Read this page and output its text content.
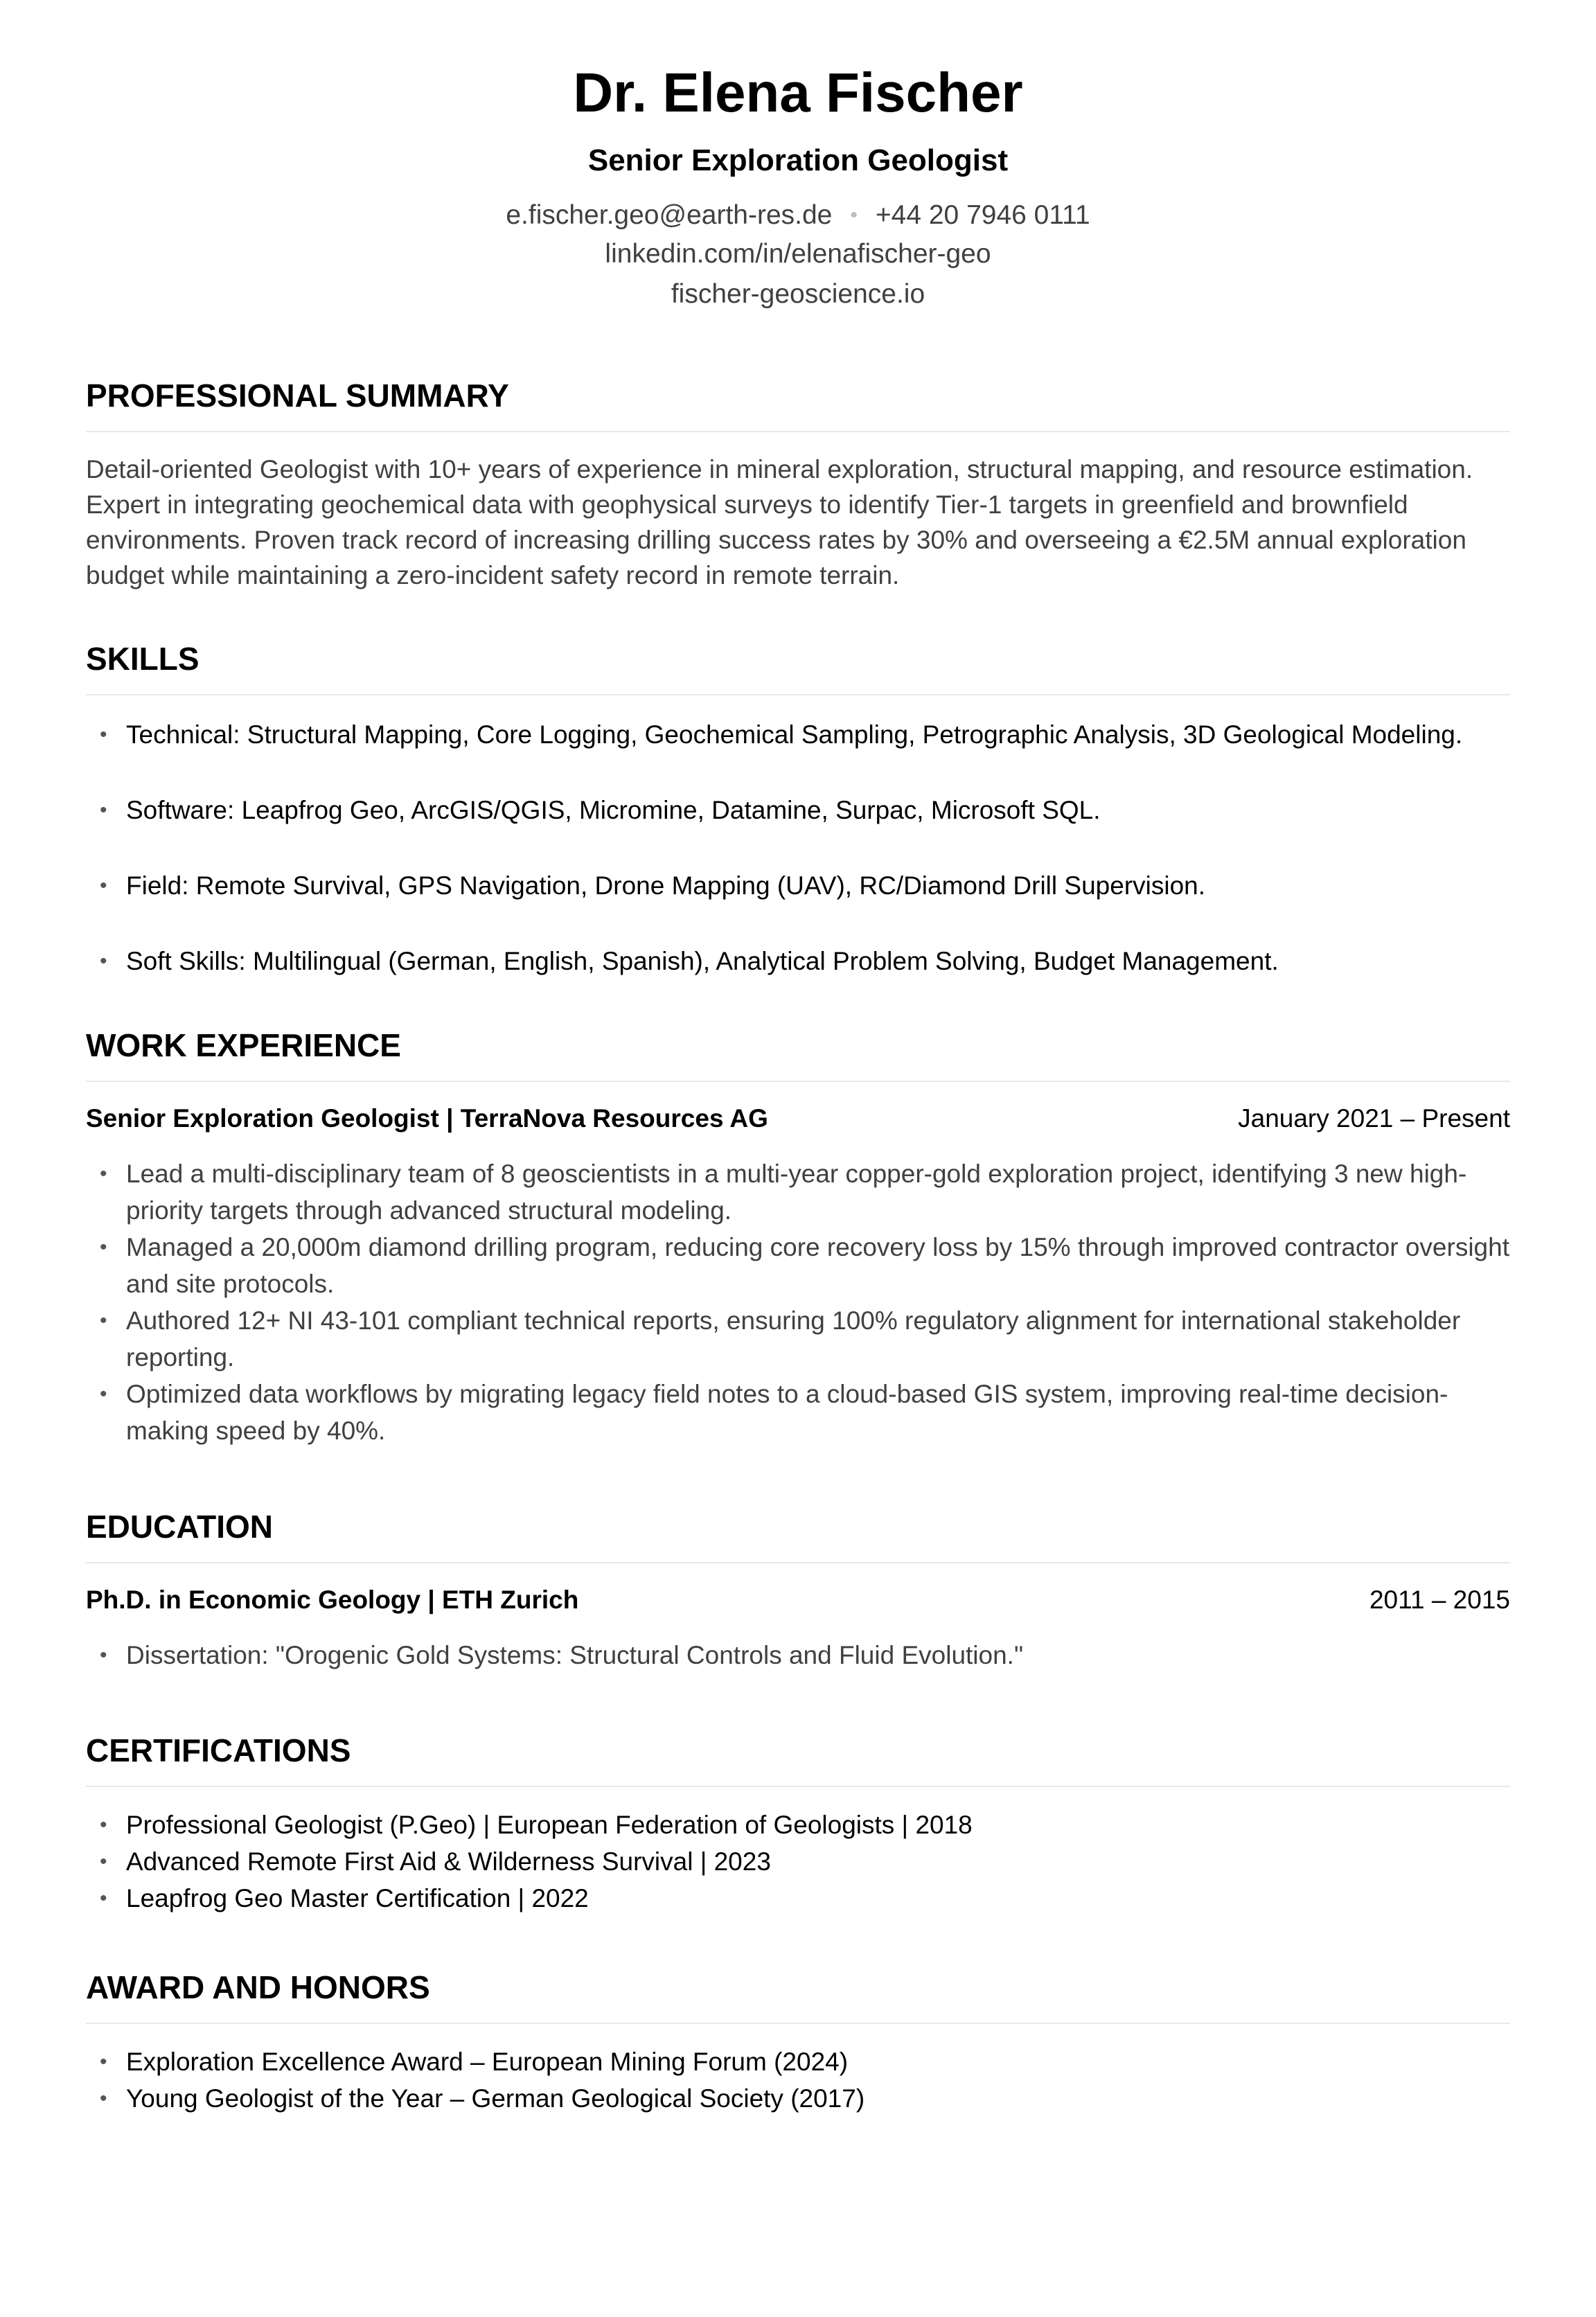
Dr. Elena Fischer
Senior Exploration Geologist
e.fischer.geo@earth-res.de • +44 20 7946 0111
linkedin.com/in/elenafischer-geo
fischer-geoscience.io
PROFESSIONAL SUMMARY
Detail-oriented Geologist with 10+ years of experience in mineral exploration, structural mapping, and resource estimation. Expert in integrating geochemical data with geophysical surveys to identify Tier-1 targets in greenfield and brownfield environments. Proven track record of increasing drilling success rates by 30% and overseeing a €2.5M annual exploration budget while maintaining a zero-incident safety record in remote terrain.
SKILLS
• Technical: Structural Mapping, Core Logging, Geochemical Sampling, Petrographic Analysis, 3D Geological Modeling.
• Software: Leapfrog Geo, ArcGIS/QGIS, Micromine, Datamine, Surpac, Microsoft SQL.
• Field: Remote Survival, GPS Navigation, Drone Mapping (UAV), RC/Diamond Drill Supervision.
• Soft Skills: Multilingual (German, English, Spanish), Analytical Problem Solving, Budget Management.
WORK EXPERIENCE
Senior Exploration Geologist | TerraNova Resources AG	January 2021 – Present
• Lead a multi-disciplinary team of 8 geoscientists in a multi-year copper-gold exploration project, identifying 3 new high-priority targets through advanced structural modeling.
• Managed a 20,000m diamond drilling program, reducing core recovery loss by 15% through improved contractor oversight and site protocols.
• Authored 12+ NI 43-101 compliant technical reports, ensuring 100% regulatory alignment for international stakeholder reporting.
• Optimized data workflows by migrating legacy field notes to a cloud-based GIS system, improving real-time decision-making speed by 40%.
EDUCATION
Ph.D. in Economic Geology | ETH Zurich	2011 – 2015
• Dissertation: "Orogenic Gold Systems: Structural Controls and Fluid Evolution."
CERTIFICATIONS
• Professional Geologist (P.Geo) | European Federation of Geologists | 2018
• Advanced Remote First Aid & Wilderness Survival | 2023
• Leapfrog Geo Master Certification | 2022
AWARD AND HONORS
• Exploration Excellence Award – European Mining Forum (2024)
• Young Geologist of the Year – German Geological Society (2017)
